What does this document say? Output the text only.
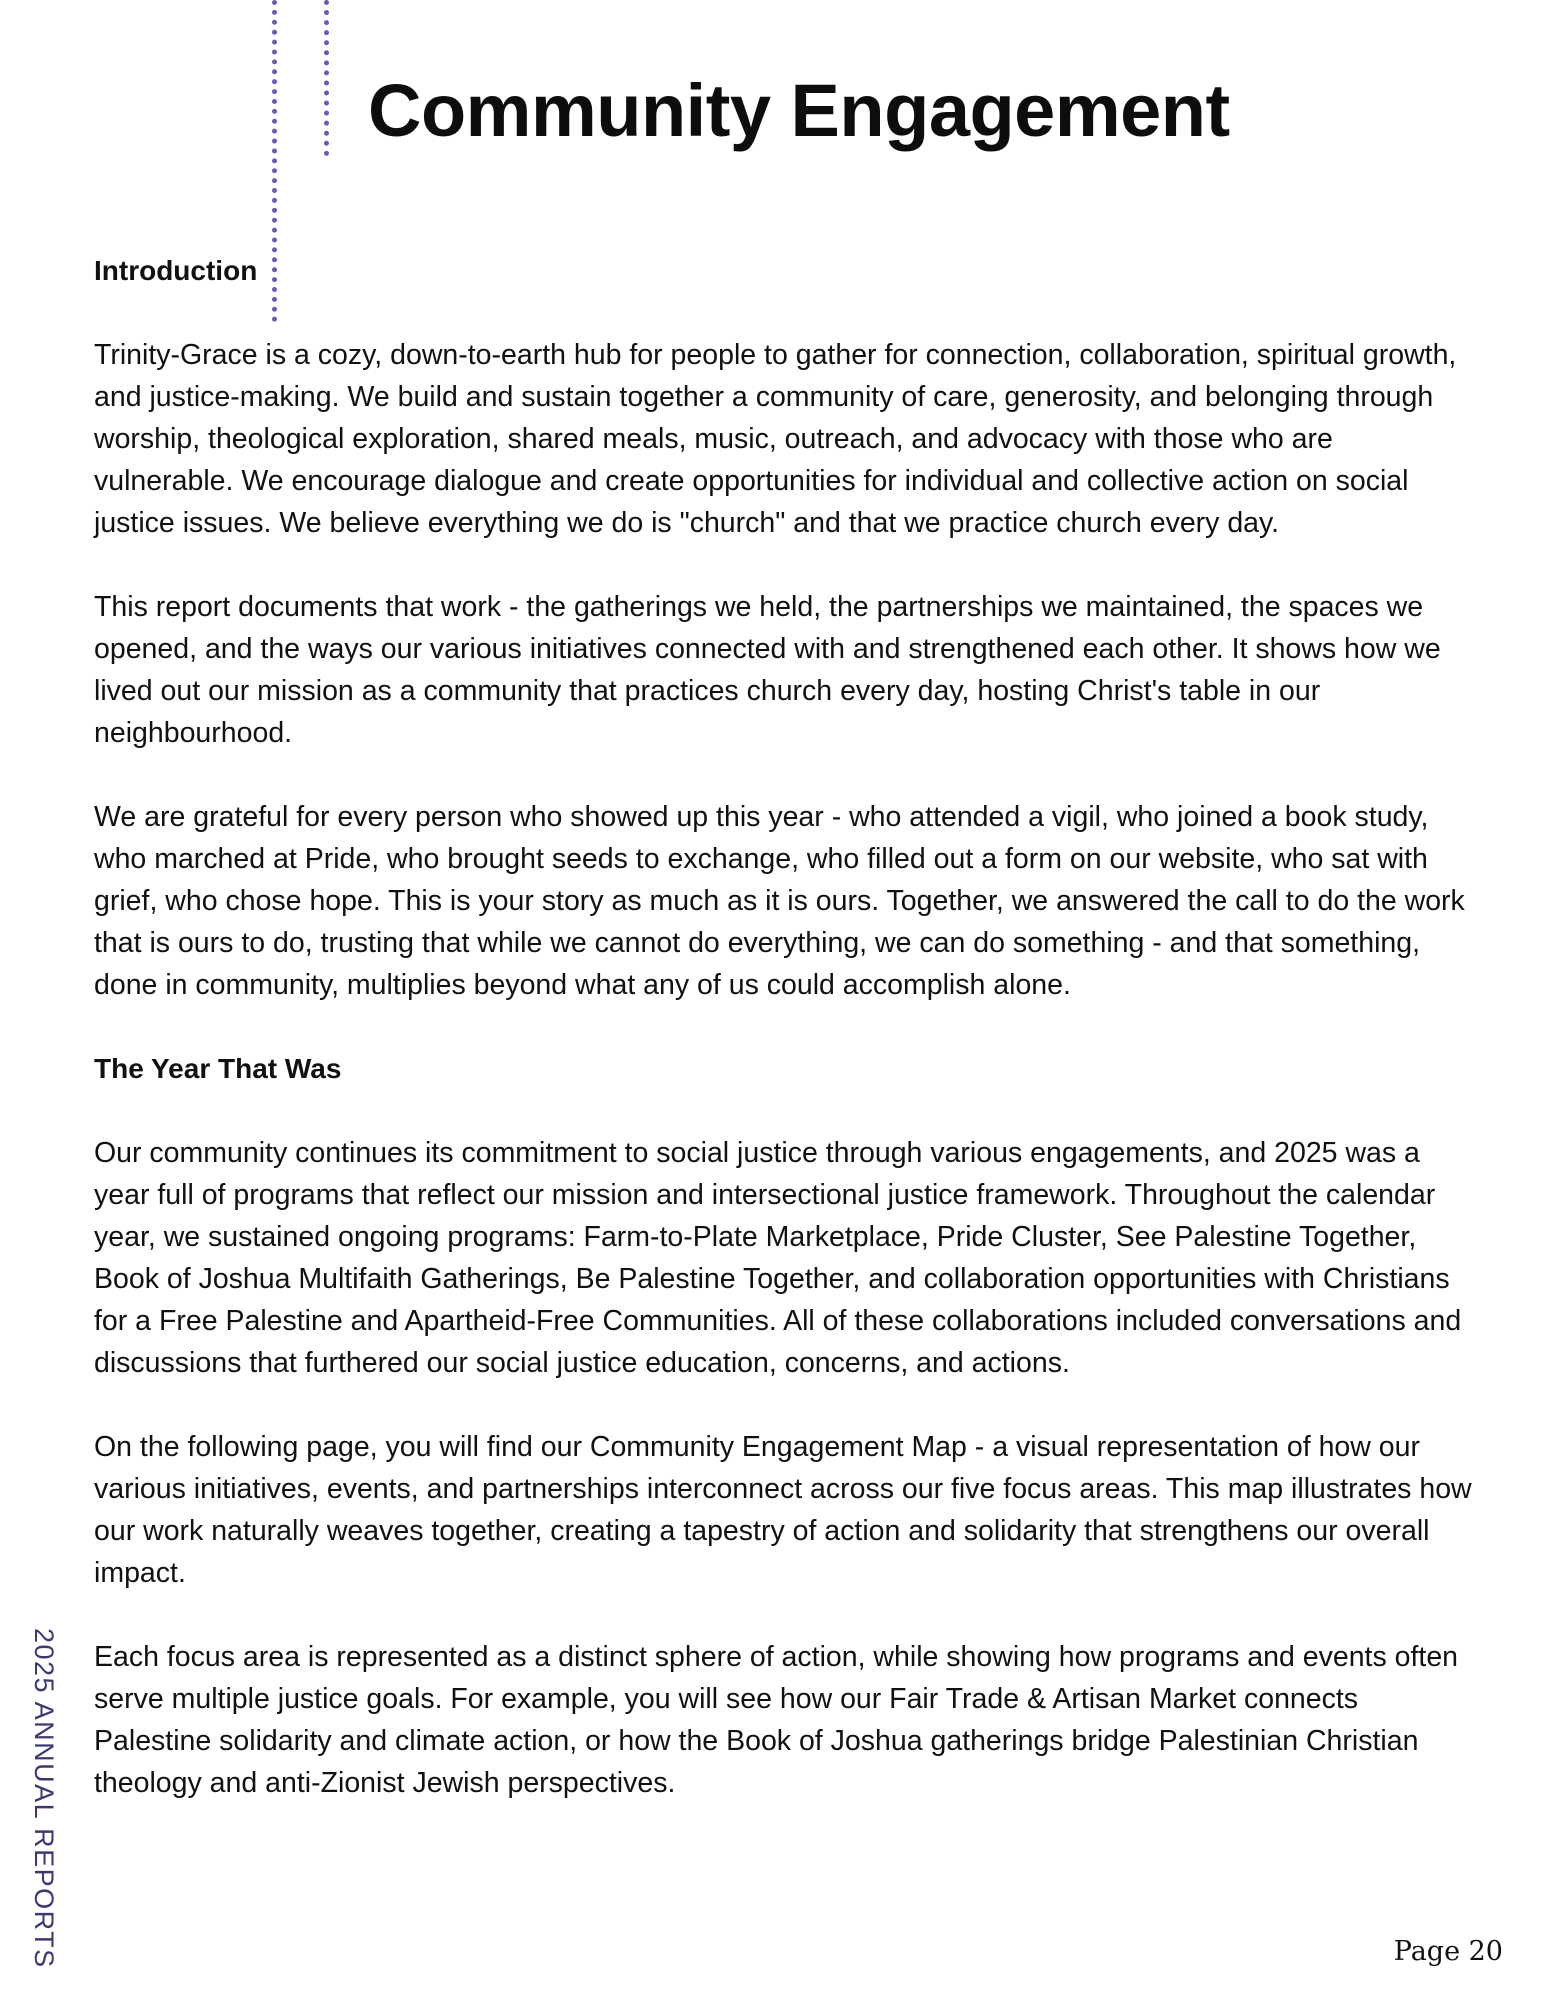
Community Engagement
Introduction

Trinity-Grace is a cozy, down-to-earth hub for people to gather for connection, collaboration, spiritual growth, and justice-making. We build and sustain together a community of care, generosity, and belonging through worship, theological exploration, shared meals, music, outreach, and advocacy with those who are vulnerable. We encourage dialogue and create opportunities for individual and collective action on social justice issues. We believe everything we do is "church" and that we practice church every day.

This report documents that work - the gatherings we held, the partnerships we maintained, the spaces we opened, and the ways our various initiatives connected with and strengthened each other. It shows how we lived out our mission as a community that practices church every day, hosting Christ's table in our neighbourhood.

We are grateful for every person who showed up this year - who attended a vigil, who joined a book study, who marched at Pride, who brought seeds to exchange, who filled out a form on our website, who sat with grief, who chose hope. This is your story as much as it is ours. Together, we answered the call to do the work that is ours to do, trusting that while we cannot do everything, we can do something - and that something, done in community, multiplies beyond what any of us could accomplish alone.

The Year That Was

Our community continues its commitment to social justice through various engagements, and 2025 was a year full of programs that reflect our mission and intersectional justice framework. Throughout the calendar year, we sustained ongoing programs: Farm-to-Plate Marketplace, Pride Cluster, See Palestine Together, Book of Joshua Multifaith Gatherings, Be Palestine Together, and collaboration opportunities with Christians for a Free Palestine and Apartheid-Free Communities. All of these collaborations included conversations and discussions that furthered our social justice education, concerns, and actions.

On the following page, you will find our Community Engagement Map - a visual representation of how our various initiatives, events, and partnerships interconnect across our five focus areas. This map illustrates how our work naturally weaves together, creating a tapestry of action and solidarity that strengthens our overall impact.

Each focus area is represented as a distinct sphere of action, while showing how programs and events often serve multiple justice goals. For example, you will see how our Fair Trade & Artisan Market connects Palestine solidarity and climate action, or how the Book of Joshua gatherings bridge Palestinian Christian theology and anti-Zionist Jewish perspectives.

2025 ANNUAL REPORTS	Page 20
